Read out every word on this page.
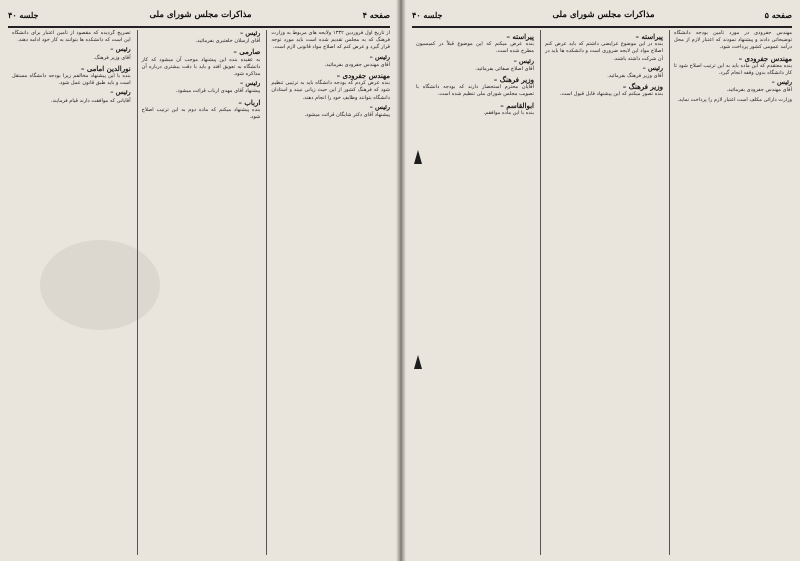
صفحه ۴
مذاکرات مجلس شورای ملی
جلسه ۴۰

از تاریخ اول فروردین ۱۳۳۲ ولایحه های مربوط به وزارت فرهنگ که به مجلس تقدیم شده است باید مورد توجه قرار گیرد و عرض کنم که اصلاح مواد قانونی لازم است.

رئیس –

آقای مهندس جفرودی بفرمائید.

مهندس جفرودی –

بنده عرض کردم که بودجه دانشگاه باید به ترتیبی تنظیم شود که فرهنگ کشور از این حیث زیانی نبیند و استادان دانشگاه بتوانند وظایف خود را انجام دهند.

رئیس –

پیشنهاد آقای دکتر شایگان قرائت میشود.

رئیس –

آقای ارسلان خلعتبری بفرمائید.

صارمی –

به عقیده بنده این پیشنهاد موجب آن میشود که کار دانشگاه به تعویق افتد و باید با دقت بیشتری درباره آن مذاکره شود.

رئیس –

پیشنهاد آقای مهدی ارباب قرائت میشود.

ارباب –

بنده پیشنهاد میکنم که ماده دوم به این ترتیب اصلاح شود.

تصریح گردیده که مقصود از تأمین اعتبار برای دانشگاه این است که دانشکده ها بتوانند به کار خود ادامه دهند.

رئیس –

آقای وزیر فرهنگ.

نورالدین امامی –

بنده با این پیشنهاد مخالفم زیرا بودجه دانشگاه مستقل است و باید طبق قانون عمل شود.

رئیس –

آقایانی که موافقت دارند قیام فرمایند.

صفحه ۵
مذاکرات مجلس شورای ملی
جلسه ۴۰

مهندس جفرودی در مورد تأمین بودجه دانشگاه توضیحاتی دادند و پیشنهاد نمودند که اعتبار لازم از محل درآمد عمومی کشور پرداخت شود.

مهندس جفرودی –

بنده معتقدم که این ماده باید به این ترتیب اصلاح شود تا کار دانشگاه بدون وقفه انجام گیرد.

رئیس –

آقای مهندس جفرودی بفرمائید.

وزارت دارائی مکلف است اعتبار لازم را پرداخت نماید.

پیراسته –

بنده در این موضوع عرایضی داشتم که باید عرض کنم اصلاح مواد این لایحه ضروری است و دانشکده ها باید در آن شرکت داشته باشند.

رئیس –

آقای وزیر فرهنگ بفرمائید.

وزیر فرهنگ –

بنده تصور میکنم که این پیشنهاد قابل قبول است.

پیراسته –

بنده عرض میکنم که این موضوع قبلاً در کمیسیون مطرح شده است.

رئیس –

آقای اصلاح صفائی بفرمائید.

وزیر فرهنگ –

آقایان محترم استحضار دارند که بودجه دانشگاه با تصویب مجلس شورای ملی تنظیم شده است.

ابوالقاسم –

بنده با این ماده موافقم.
